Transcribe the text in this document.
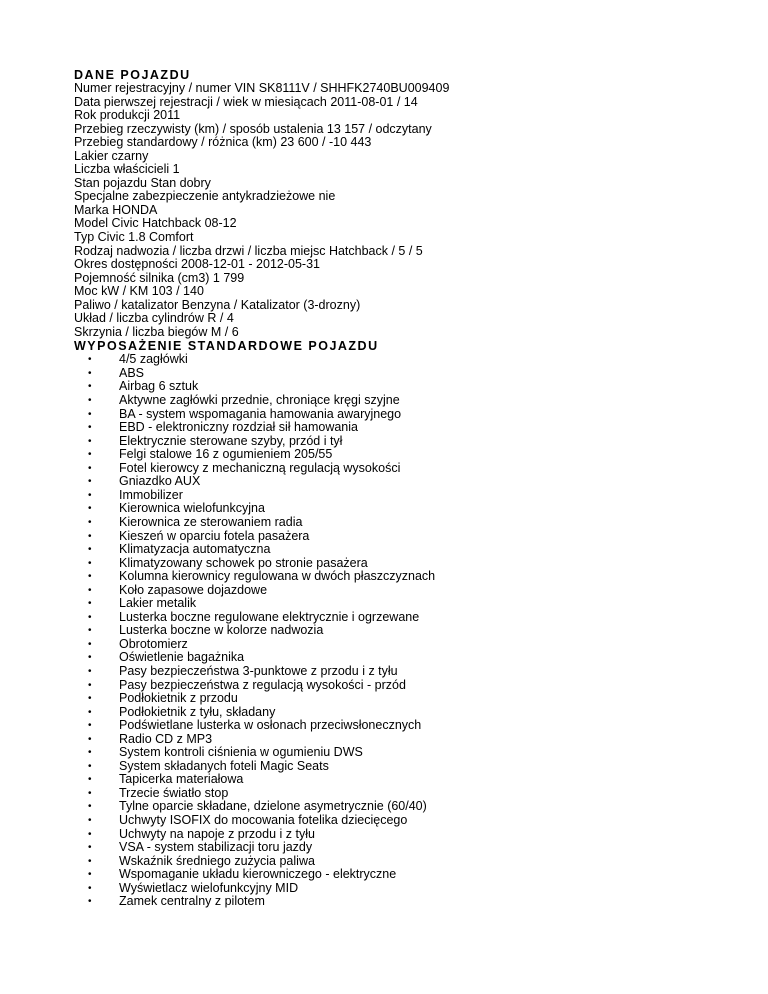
DANE POJAZDU
Numer rejestracyjny / numer VIN SK8111V / SHHFK2740BU009409
Data pierwszej rejestracji / wiek w miesiącach 2011-08-01 / 14
Rok produkcji 2011
Przebieg rzeczywisty (km) / sposób ustalenia 13 157 / odczytany
Przebieg standardowy / różnica (km) 23 600 / -10 443
Lakier czarny
Liczba właścicieli 1
Stan pojazdu Stan dobry
Specjalne zabezpieczenie antykradzieżowe nie
Marka HONDA
Model Civic Hatchback 08-12
Typ Civic 1.8 Comfort
Rodzaj nadwozia / liczba drzwi / liczba miejsc Hatchback / 5 / 5
Okres dostępności 2008-12-01 - 2012-05-31
Pojemność silnika (cm3) 1 799
Moc kW / KM 103 / 140
Paliwo / katalizator Benzyna / Katalizator (3-drozny)
Układ / liczba cylindrów R / 4
Skrzynia / liczba biegów M / 6
WYPOSAŻENIE STANDARDOWE POJAZDU
• 4/5 zagłówki
• ABS
• Airbag 6 sztuk
• Aktywne zagłówki przednie, chroniące kręgi szyjne
• BA - system wspomagania hamowania awaryjnego
• EBD - elektroniczny rozdział sił hamowania
• Elektrycznie sterowane szyby, przód i tył
• Felgi stalowe 16 z ogumieniem 205/55
• Fotel kierowcy z mechaniczną regulacją wysokości
• Gniazdko AUX
• Immobilizer
• Kierownica wielofunkcyjna
• Kierownica ze sterowaniem radia
• Kieszeń w oparciu fotela pasażera
• Klimatyzacja automatyczna
• Klimatyzowany schowek po stronie pasażera
• Kolumna kierownicy regulowana w dwóch płaszczyznach
• Koło zapasowe dojazdowe
• Lakier metalik
• Lusterka boczne regulowane elektrycznie i ogrzewane
• Lusterka boczne w kolorze nadwozia
• Obrotomierz
• Oświetlenie bagażnika
• Pasy bezpieczeństwa 3-punktowe z przodu i z tyłu
• Pasy bezpieczeństwa z regulacją wysokości - przód
• Podłokietnik z przodu
• Podłokietnik z tyłu, składany
• Podświetlane lusterka w osłonach przeciwsłonecznych
• Radio CD z MP3
• System kontroli ciśnienia w ogumieniu DWS
• System składanych foteli Magic Seats
• Tapicerka materiałowa
• Trzecie światło stop
• Tylne oparcie składane, dzielone asymetrycznie (60/40)
• Uchwyty ISOFIX do mocowania fotelika dziecięcego
• Uchwyty na napoje z przodu i z tyłu
• VSA - system stabilizacji toru jazdy
• Wskaźnik średniego zużycia paliwa
• Wspomaganie układu kierowniczego - elektryczne
• Wyświetlacz wielofunkcyjny MID
• Zamek centralny z pilotem
